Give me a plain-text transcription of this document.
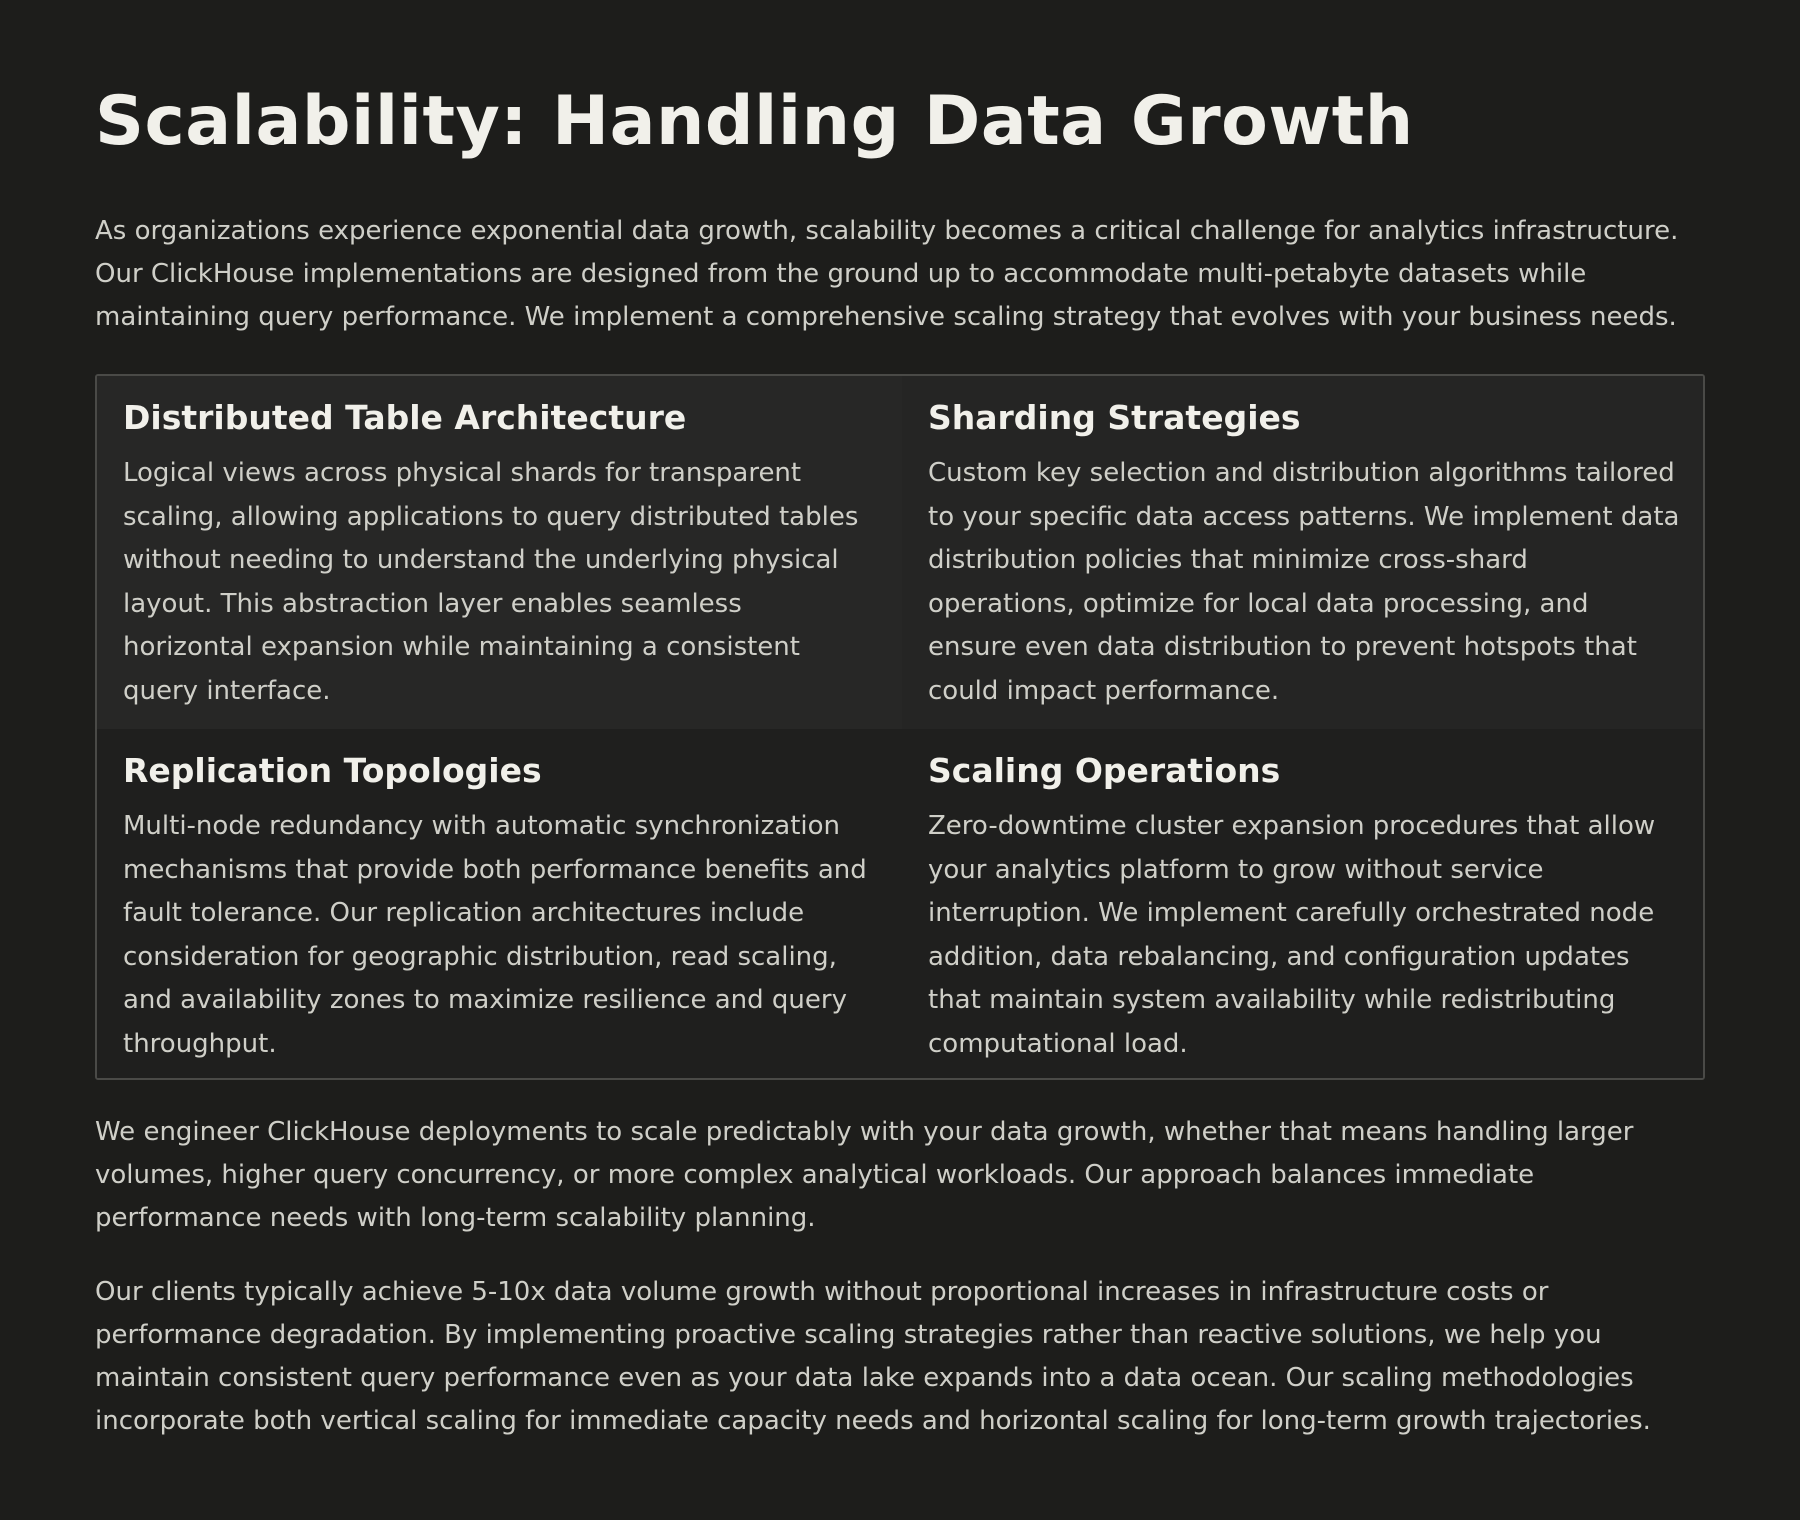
Scalability: Handling Data Growth

As organizations experience exponential data growth, scalability becomes a critical challenge for analytics infrastructure. Our ClickHouse implementations are designed from the ground up to accommodate multi-petabyte datasets while maintaining query performance. We implement a comprehensive scaling strategy that evolves with your business needs.

Distributed Table Architecture

Logical views across physical shards for transparent scaling, allowing applications to query distributed tables without needing to understand the underlying physical layout. This abstraction layer enables seamless horizontal expansion while maintaining a consistent query interface.

Sharding Strategies

Custom key selection and distribution algorithms tailored to your specific data access patterns. We implement data distribution policies that minimize cross-shard operations, optimize for local data processing, and ensure even data distribution to prevent hotspots that could impact performance.

Replication Topologies

Multi-node redundancy with automatic synchronization mechanisms that provide both performance benefits and fault tolerance. Our replication architectures include consideration for geographic distribution, read scaling, and availability zones to maximize resilience and query throughput.

Scaling Operations

Zero-downtime cluster expansion procedures that allow your analytics platform to grow without service interruption. We implement carefully orchestrated node addition, data rebalancing, and configuration updates that maintain system availability while redistributing computational load.

We engineer ClickHouse deployments to scale predictably with your data growth, whether that means handling larger volumes, higher query concurrency, or more complex analytical workloads. Our approach balances immediate performance needs with long-term scalability planning.

Our clients typically achieve 5-10x data volume growth without proportional increases in infrastructure costs or performance degradation. By implementing proactive scaling strategies rather than reactive solutions, we help you maintain consistent query performance even as your data lake expands into a data ocean. Our scaling methodologies incorporate both vertical scaling for immediate capacity needs and horizontal scaling for long-term growth trajectories.
